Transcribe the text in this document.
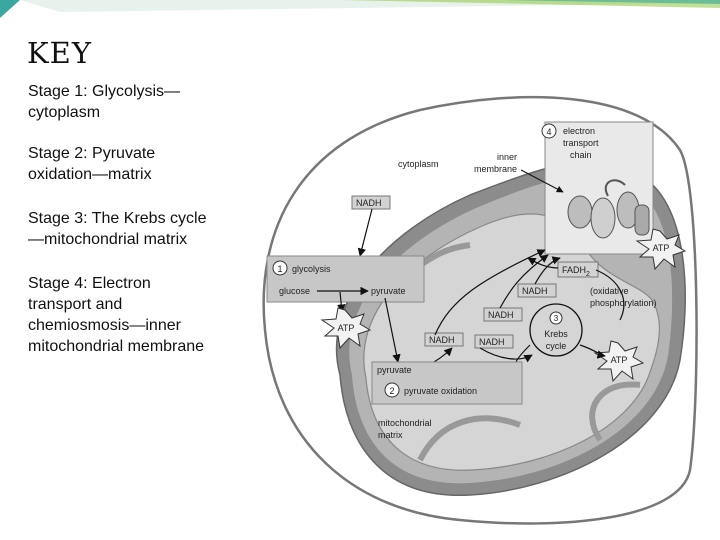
KEY
Stage 1: Glycolysis—
cytoplasm
Stage 2: Pyruvate
oxidation—matrix
Stage 3: The Krebs cycle
—mitochondrial matrix
Stage 4: Electron
transport and
chemiosmosis—inner
mitochondrial membrane
4 electron
transport
chain
cytoplasm
inner
membrane
NADH
1 glycolysis
glucose	pyruvate
ATP
$FADH_2$
NADH
NADH
NADH	NADH
(oxidative
phosphorylation)
3
Krebs
cycle
ATP
ATP
pyruvate
2 pyruvate oxidation
mitochondrial
matrix
